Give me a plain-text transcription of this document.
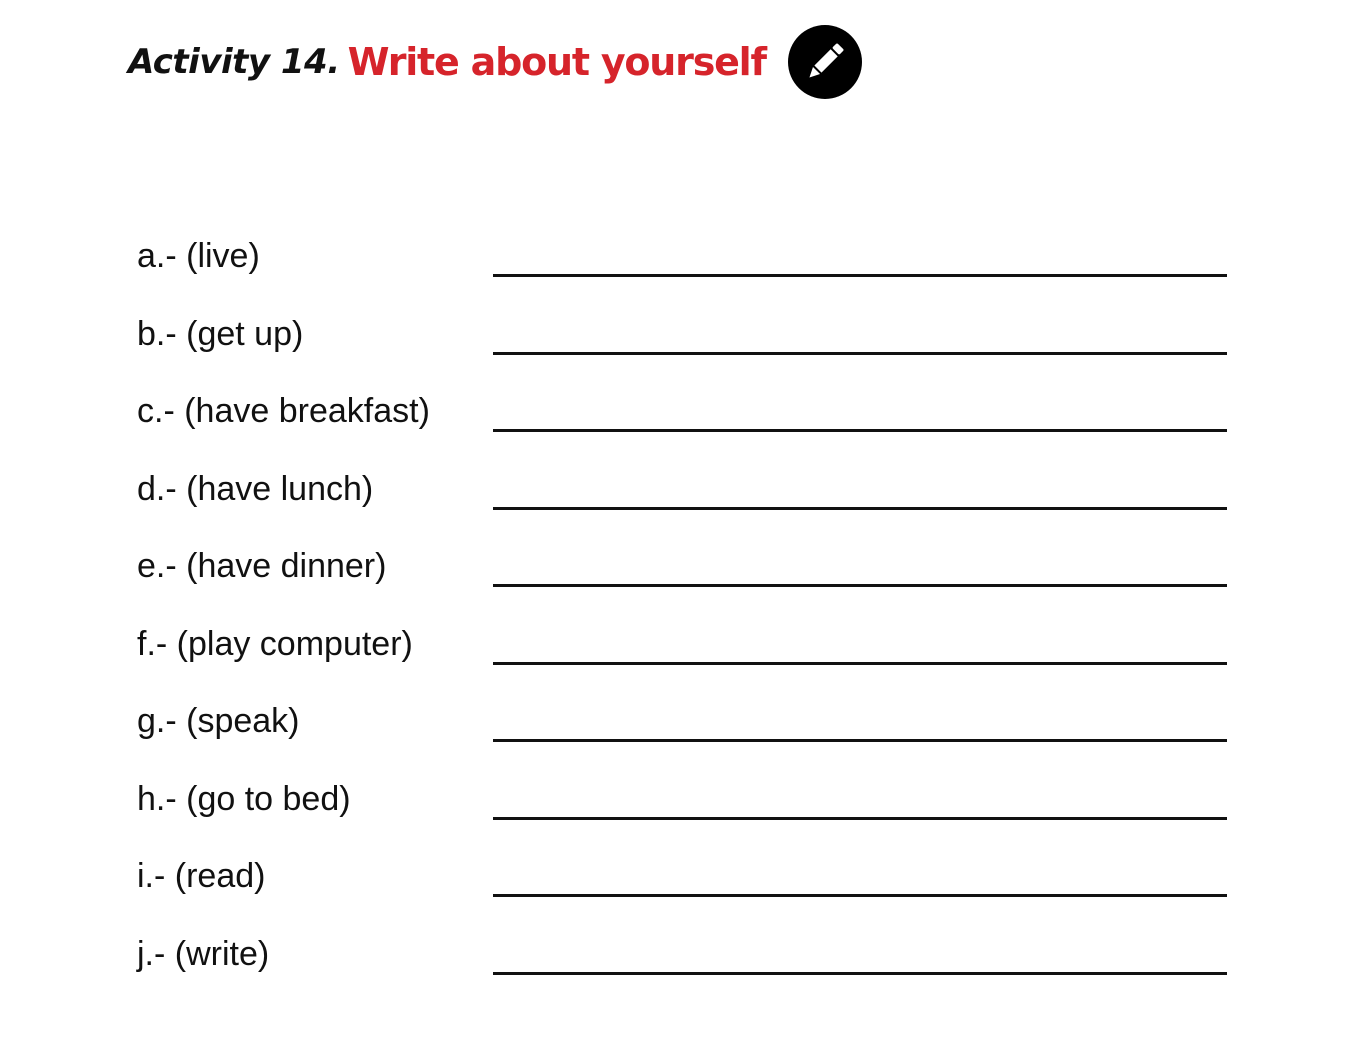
Activity 14. Write about yourself
a.- (live)
b.- (get up)
c.- (have breakfast)
d.- (have lunch)
e.- (have dinner)
f.- (play computer)
g.- (speak)
h.- (go to bed)
i.- (read)
j.- (write)
